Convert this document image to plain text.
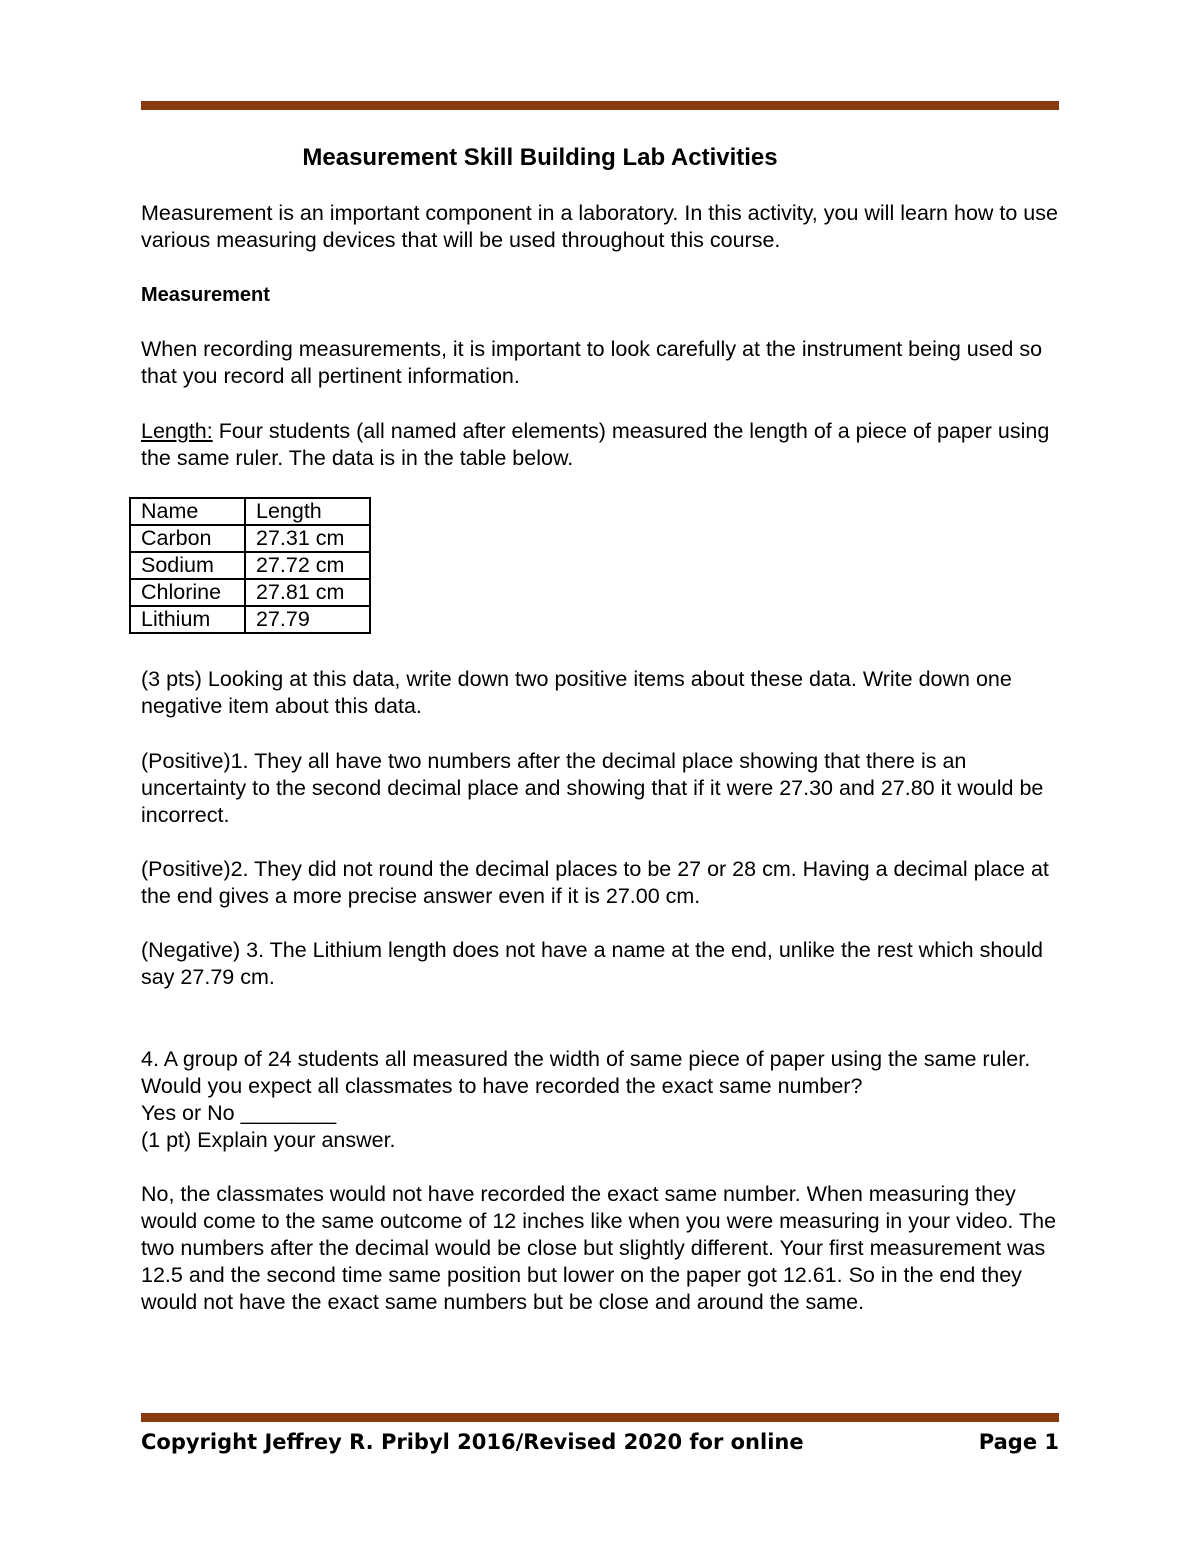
Measurement Skill Building Lab Activities

Measurement is an important component in a laboratory. In this activity, you will learn how to use various measuring devices that will be used throughout this course.

Measurement

When recording measurements, it is important to look carefully at the instrument being used so that you record all pertinent information.

Length: Four students (all named after elements) measured the length of a piece of paper using the same ruler. The data is in the table below.

Name	Length
Carbon	27.31 cm
Sodium	27.72 cm
Chlorine	27.81 cm
Lithium	27.79

(3 pts) Looking at this data, write down two positive items about these data. Write down one negative item about this data.

(Positive)1. They all have two numbers after the decimal place showing that there is an uncertainty to the second decimal place and showing that if it were 27.30 and 27.80 it would be incorrect.

(Positive)2. They did not round the decimal places to be 27 or 28 cm. Having a decimal place at the end gives a more precise answer even if it is 27.00 cm.

(Negative) 3. The Lithium length does not have a name at the end, unlike the rest which should say 27.79 cm.

4. A group of 24 students all measured the width of same piece of paper using the same ruler. Would you expect all classmates to have recorded the exact same number?

Yes or No ________

(1 pt) Explain your answer.

No, the classmates would not have recorded the exact same number. When measuring they would come to the same outcome of 12 inches like when you were measuring in your video. The two numbers after the decimal would be close but slightly different. Your first measurement was 12.5 and the second time same position but lower on the paper got 12.61. So in the end they would not have the exact same numbers but be close and around the same.

Copyright Jeffrey R. Pribyl 2016/Revised 2020 for online	Page 1
